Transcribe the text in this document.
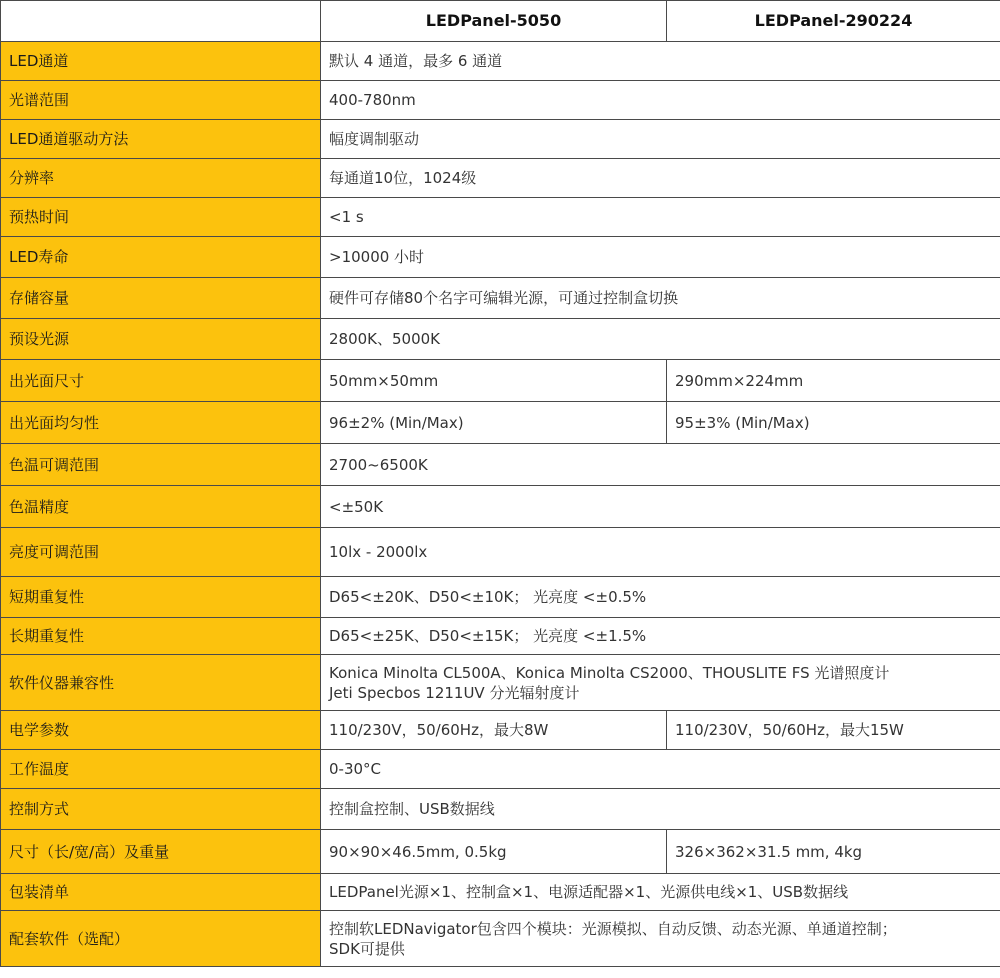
	LEDPanel-5050	LEDPanel-290224
LED通道	默认 4 通道，最多 6 通道	
光谱范围	400-780nm	
LED通道驱动方法	幅度调制驱动	
分辨率	每通道10位，1024级	
预热时间	<1 s	
LED寿命	>10000 小时	
存储容量	硬件可存储80个名字可编辑光源，可通过控制盒切换	
预设光源	2800K、5000K	
出光面尺寸	50mm×50mm	290mm×224mm
出光面均匀性	96±2% (Min/Max)	95±3% (Min/Max)
色温可调范围	2700~6500K	
色温精度	<±50K	
亮度可调范围	10lx - 2000lx	
短期重复性	D65<±20K、D50<±10K； 光亮度 <±0.5%	
长期重复性	D65<±25K、D50<±15K； 光亮度 <±1.5%	
软件仪器兼容性	Konica Minolta CL500A、Konica Minolta CS2000、THOUSLITE FS 光谱照度计
Jeti Specbos 1211UV 分光辐射度计	

电学参数	110/230V，50/60Hz，最大8W	110/230V，50/60Hz，最大15W
工作温度	0-30°C	
控制方式	控制盒控制、USB数据线	
尺寸（长/宽/高）及重量	90×90×46.5mm, 0.5kg	326×362×31.5 mm, 4kg
包装清单	LEDPanel光源×1、控制盒×1、电源适配器×1、光源供电线×1、USB数据线	
配套软件（选配）	控制软LEDNavigator包含四个模块：光源模拟、自动反馈、动态光源、单通道控制；
SDK可提供	
